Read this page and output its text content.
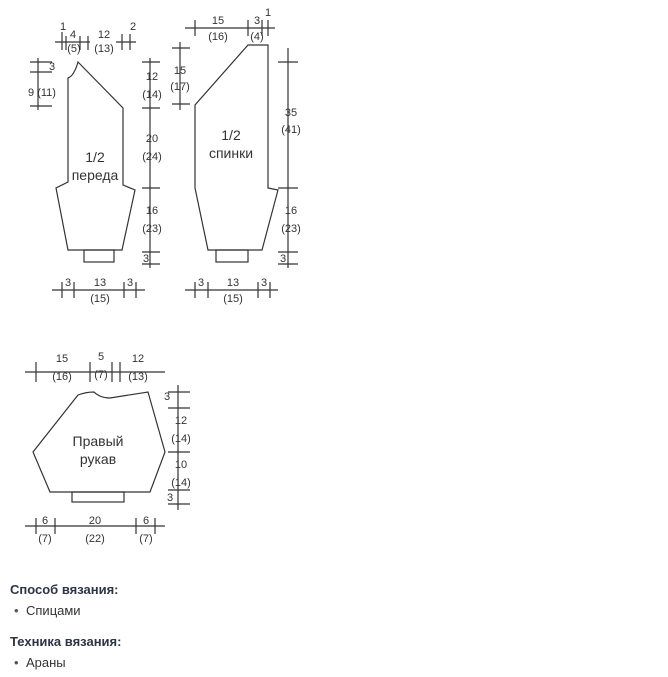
1/2
переда
1/2
спинки
Правый
рукав
1
4
(5)
12
(13)
2
3
9 (11)
12
(14)
20
(24)
16
(23)
3
3 13
(15)
3
15
(16)
3
(4)
1
15
(17)
35
(41)
16
(23)
3
3 13
(15)
3
15
(16)
5
(7)
12
(13)
3
12
(14)
10
(14)
3
6
(7)
20
(22)
6
(7)
Способ вязания:
• Спицами
Техника вязания:
• Араны
